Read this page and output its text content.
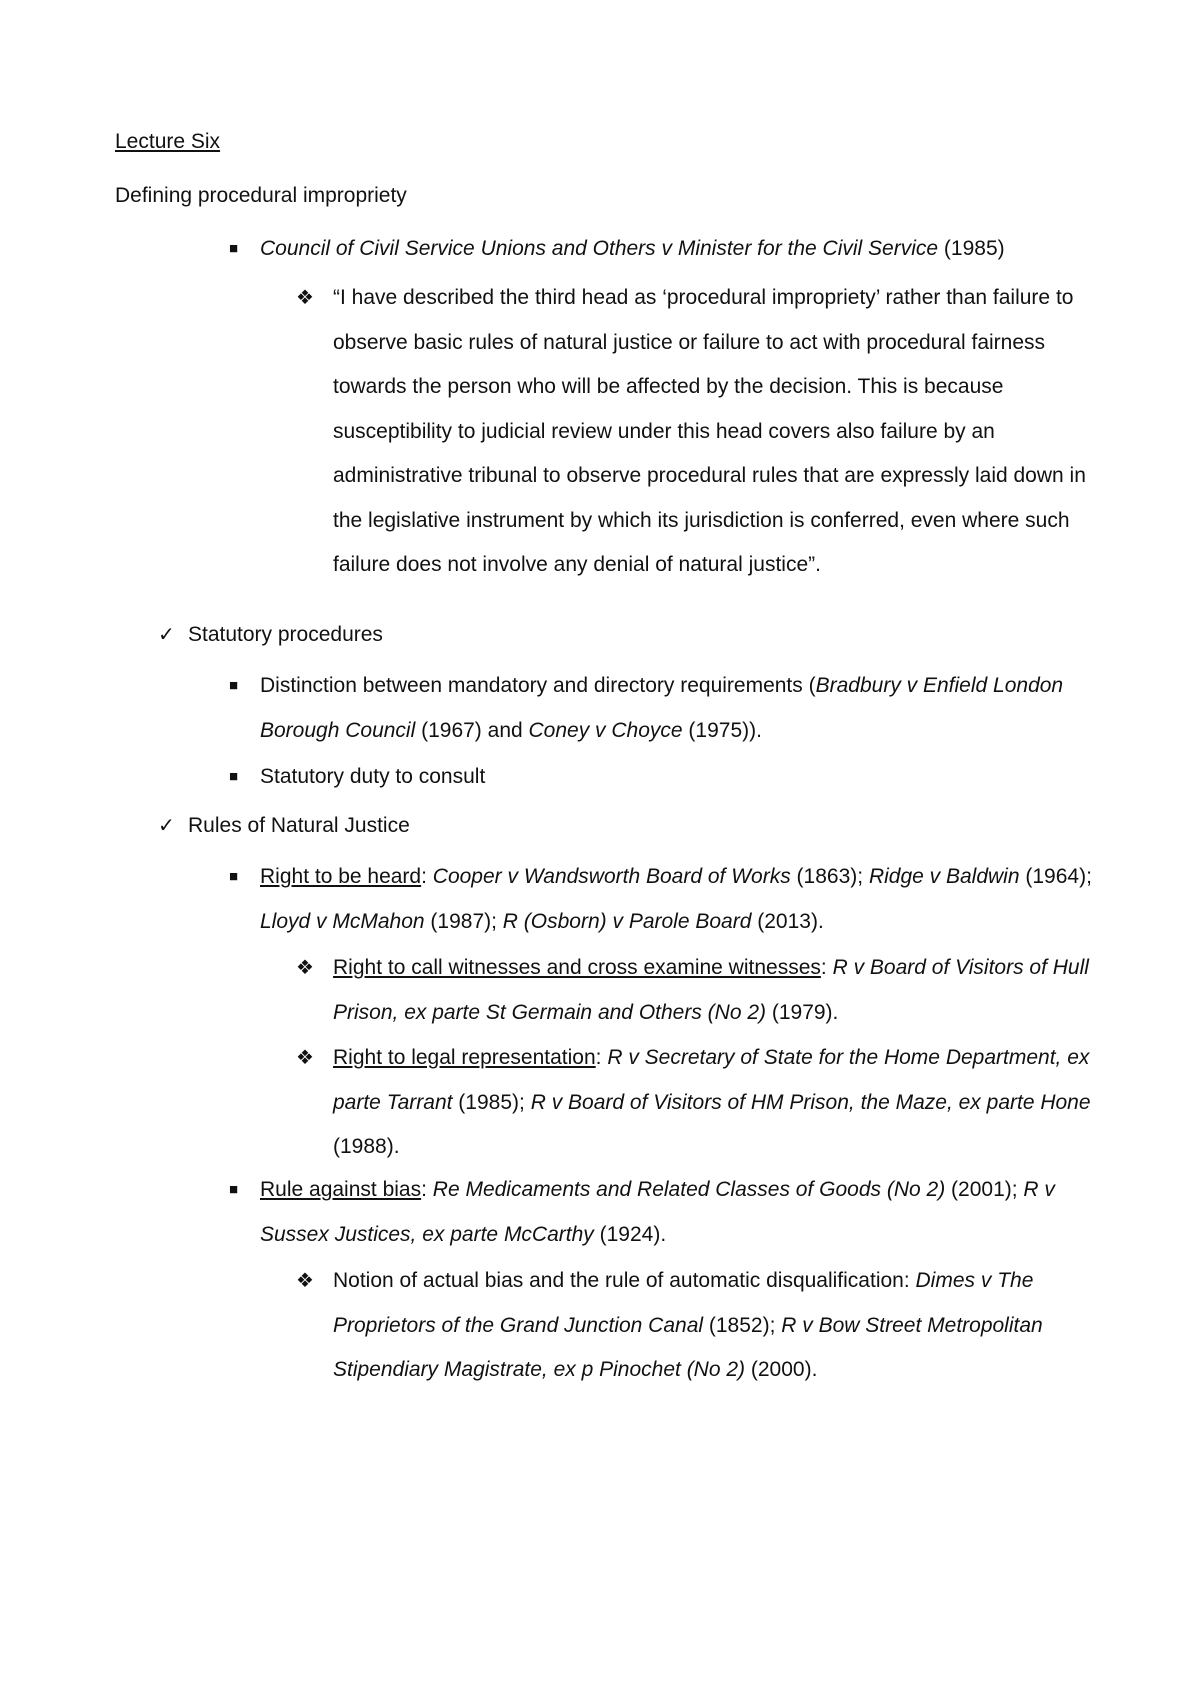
Lecture Six
Defining procedural impropriety
■ Council of Civil Service Unions and Others v Minister for the Civil Service (1985)
❖ “I have described the third head as ‘procedural impropriety’ rather than failure to observe basic rules of natural justice or failure to act with procedural fairness towards the person who will be affected by the decision. This is because susceptibility to judicial review under this head covers also failure by an administrative tribunal to observe procedural rules that are expressly laid down in the legislative instrument by which its jurisdiction is conferred, even where such failure does not involve any denial of natural justice”.
✓ Statutory procedures
■ Distinction between mandatory and directory requirements (Bradbury v Enfield London Borough Council (1967) and Coney v Choyce (1975)).
■ Statutory duty to consult
✓ Rules of Natural Justice
■ Right to be heard: Cooper v Wandsworth Board of Works (1863); Ridge v Baldwin (1964); Lloyd v McMahon (1987); R (Osborn) v Parole Board (2013).
❖ Right to call witnesses and cross examine witnesses: R v Board of Visitors of Hull Prison, ex parte St Germain and Others (No 2) (1979).
❖ Right to legal representation: R v Secretary of State for the Home Department, ex parte Tarrant (1985); R v Board of Visitors of HM Prison, the Maze, ex parte Hone (1988).
■ Rule against bias: Re Medicaments and Related Classes of Goods (No 2) (2001); R v Sussex Justices, ex parte McCarthy (1924).
❖ Notion of actual bias and the rule of automatic disqualification: Dimes v The Proprietors of the Grand Junction Canal (1852); R v Bow Street Metropolitan Stipendiary Magistrate, ex p Pinochet (No 2) (2000).
